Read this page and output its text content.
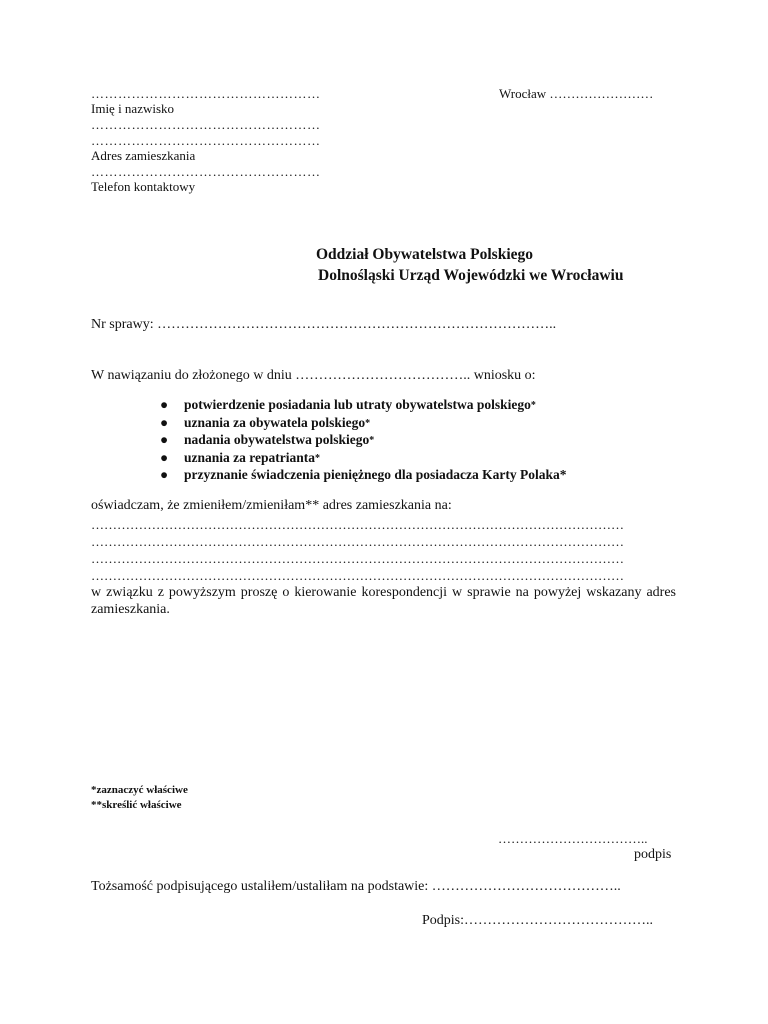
……………………………………………
Imię i nazwisko
……………………………………………
……………………………………………
Adres zamieszkania
……………………………………………
Telefon kontaktowy
Wrocław ……………………
Oddział Obywatelstwa Polskiego
Dolnośląski Urząd Wojewódzki we Wrocławiu
Nr sprawy: …………………………………………………………………………..
W nawiązaniu do złożonego w dniu ……………………………….. wniosku o:
● potwierdzenie posiadania lub utraty obywatelstwa polskiego*
● uznania za obywatela polskiego*
● nadania obywatelstwa polskiego*
● uznania za repatrianta*
● przyznanie świadczenia pieniężnego dla posiadacza Karty Polaka*
oświadczam, że zmieniłem/zmieniłam** adres zamieszkania na:
……………………………………………………………………………………………………………
……………………………………………………………………………………………………………
……………………………………………………………………………………………………………
……………………………………………………………………………………………………………
w związku z powyższym proszę o kierowanie korespondencji w sprawie na powyżej wskazany adres zamieszkania.
*zaznaczyć właściwe
**skreślić właściwe
……………………………..
podpis
Tożsamość podpisującego ustaliłem/ustaliłam na podstawie: …………………………………..
Podpis:…………………………………..
